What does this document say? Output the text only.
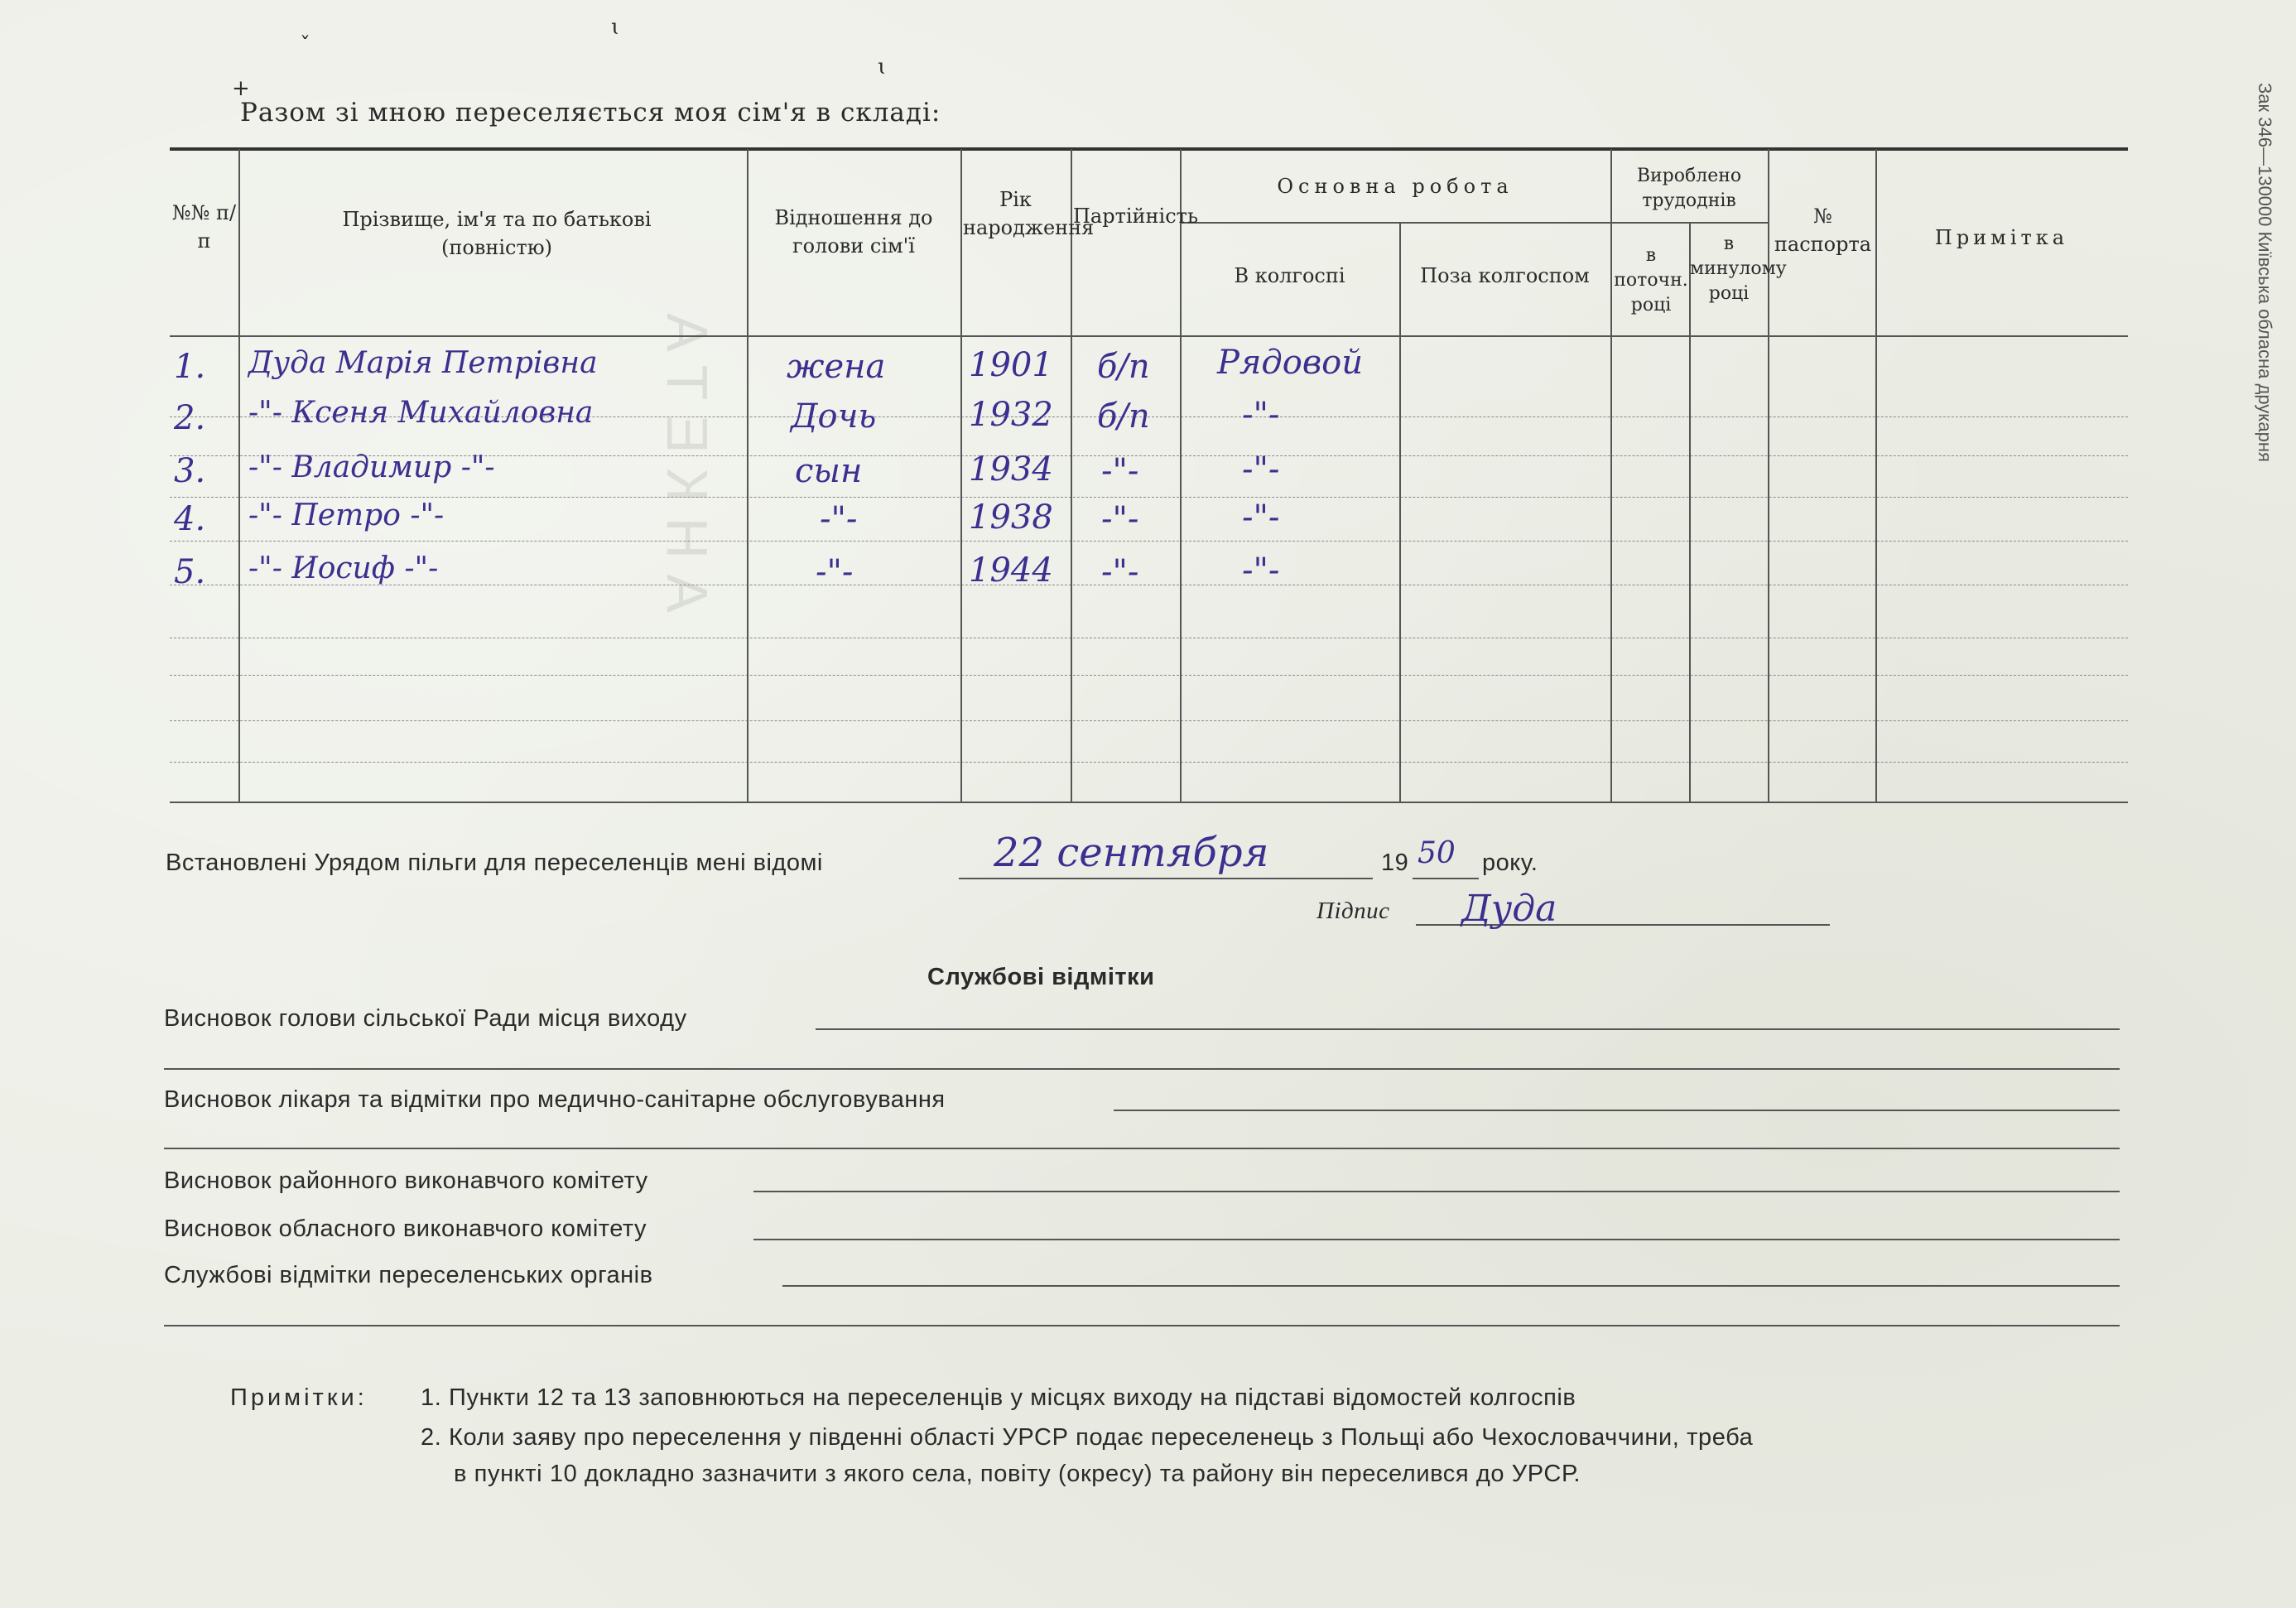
АНКЕТА	Зак 346—130000 Київська обласна друкарня
+
ˇ
ɩ
ɩ
Разом зі мною переселяється моя сім'я в складі:
№№ п/п
Прізвище, ім'я та по батькові (повністю)
Відношення до голови сім'ї
Рік народження
Партійність
Основна робота
В колгоспі	Поза колгоспом
Вироблено трудоднів
в поточн. році
в минулому році
№ паспорта	Примітка
1. Дуда Марія Петрівна	жена	1901 б/п Рядовой
2. -"- Ксеня Михайловна	Дочь	1932 б/п	-"-
3. -"- Владимир -"-	сын	1934 -"-	-"-
4. -"- Петро -"-	-"-	1938 -"-	-"-
5. -"- Иосиф -"-	-"-	1944 -"-	-"-
Встановлені Урядом пільги для переселенців мені відомі	22 сентября	19 50 року.
Підпис Дуда
Службові відмітки
Висновок голови сільської Ради місця виходу
Висновок лікаря та відмітки про медично-санітарне обслуговування
Висновок районного виконавчого комітету
Висновок обласного виконавчого комітету
Службові відмітки переселенських органів
Примітки: 1. Пункти 12 та 13 заповнюються на переселенців у місцях виходу на підставі відомостей колгоспів
2. Коли заяву про переселення у південні області УРСР подає переселенець з Польщі або Чехословаччини, треба
в пункті 10 докладно зазначити з якого села, повіту (окресу) та району він переселився до УРСР.
